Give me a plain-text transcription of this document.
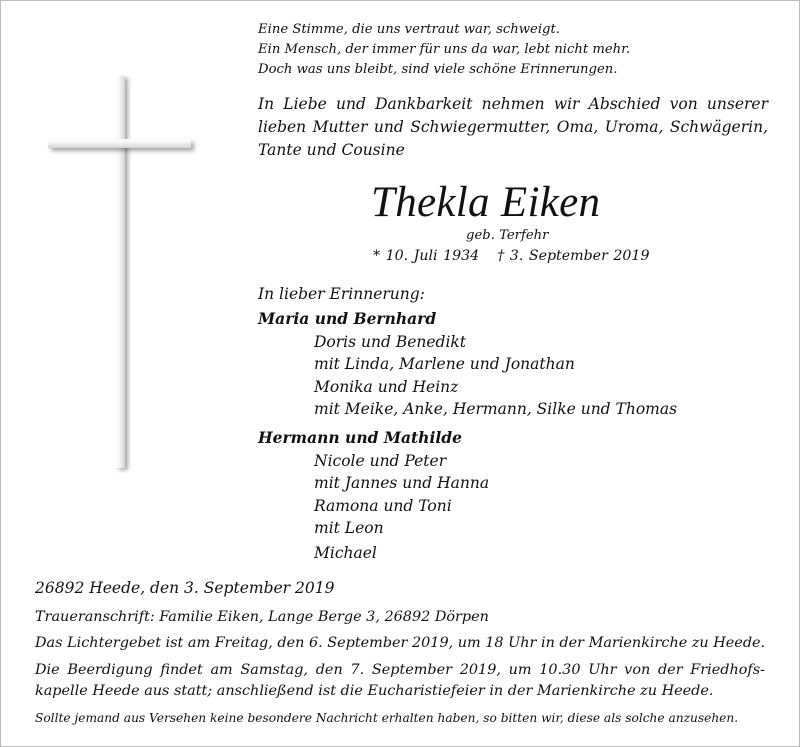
Eine Stimme, die uns vertraut war, schweigt.
Ein Mensch, der immer für uns da war, lebt nicht mehr.
Doch was uns bleibt, sind viele schöne Erinnerungen.
In Liebe und Dankbarkeit nehmen wir Abschied von unserer
lieben Mutter und Schwiegermutter, Oma, Uroma, Schwägerin,
Tante und Cousine
Thekla Eiken
geb. Terfehr
* 10. Juli 1934 † 3. September 2019
In lieber Erinnerung:
Maria und Bernhard
Doris und Benedikt
mit Linda, Marlene und Jonathan
Monika und Heinz
mit Meike, Anke, Hermann, Silke und Thomas
Hermann und Mathilde
Nicole und Peter
mit Jannes und Hanna
Ramona und Toni
mit Leon
Michael
26892 Heede, den 3. September 2019
Traueranschrift: Familie Eiken, Lange Berge 3, 26892 Dörpen
Das Lichtergebet ist am Freitag, den 6. September 2019, um 18 Uhr in der Marienkirche zu Heede.
Die Beerdigung findet am Samstag, den 7. September 2019, um 10.30 Uhr von der Friedhofs-
kapelle Heede aus statt; anschließend ist die Eucharistiefeier in der Marienkirche zu Heede.
Sollte jemand aus Versehen keine besondere Nachricht erhalten haben, so bitten wir, diese als solche anzusehen.
